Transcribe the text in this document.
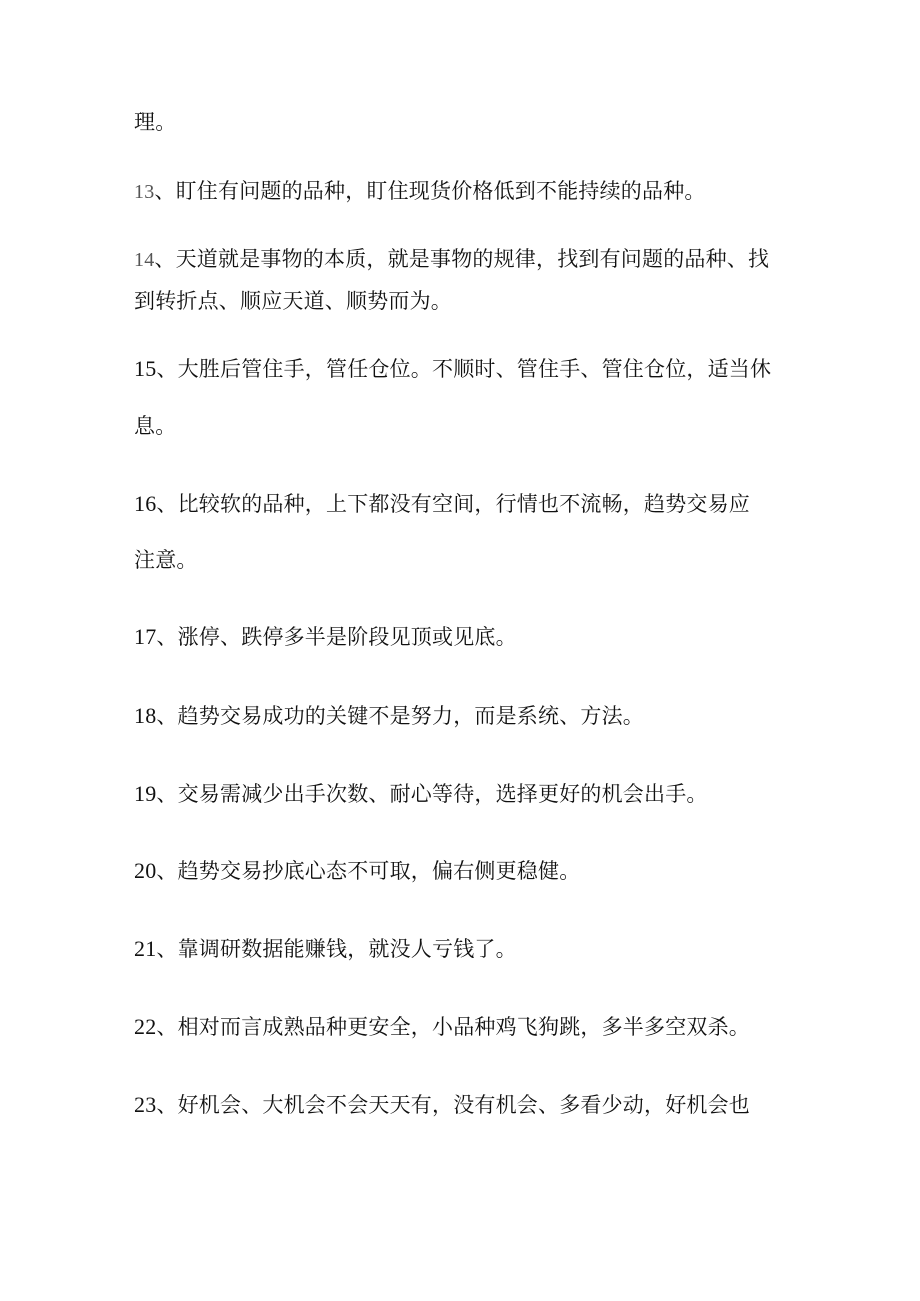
理。
13、盯住有问题的品种，盯住现货价格低到不能持续的品种。
14、天道就是事物的本质，就是事物的规律，找到有问题的品种、找
到转折点、顺应天道、顺势而为。
15、大胜后管住手，管任仓位。不顺时、管住手、管住仓位，适当休
息。
16、比较软的品种，上下都没有空间，行情也不流畅，趋势交易应
注意。
17、涨停、跌停多半是阶段见顶或见底。
18、趋势交易成功的关键不是努力，而是系统、方法。
19、交易需减少出手次数、耐心等待，选择更好的机会出手。
20、趋势交易抄底心态不可取，偏右侧更稳健。
21、靠调研数据能赚钱，就没人亏钱了。
22、相对而言成熟品种更安全，小品种鸡飞狗跳，多半多空双杀。
23、好机会、大机会不会天天有，没有机会、多看少动，好机会也
